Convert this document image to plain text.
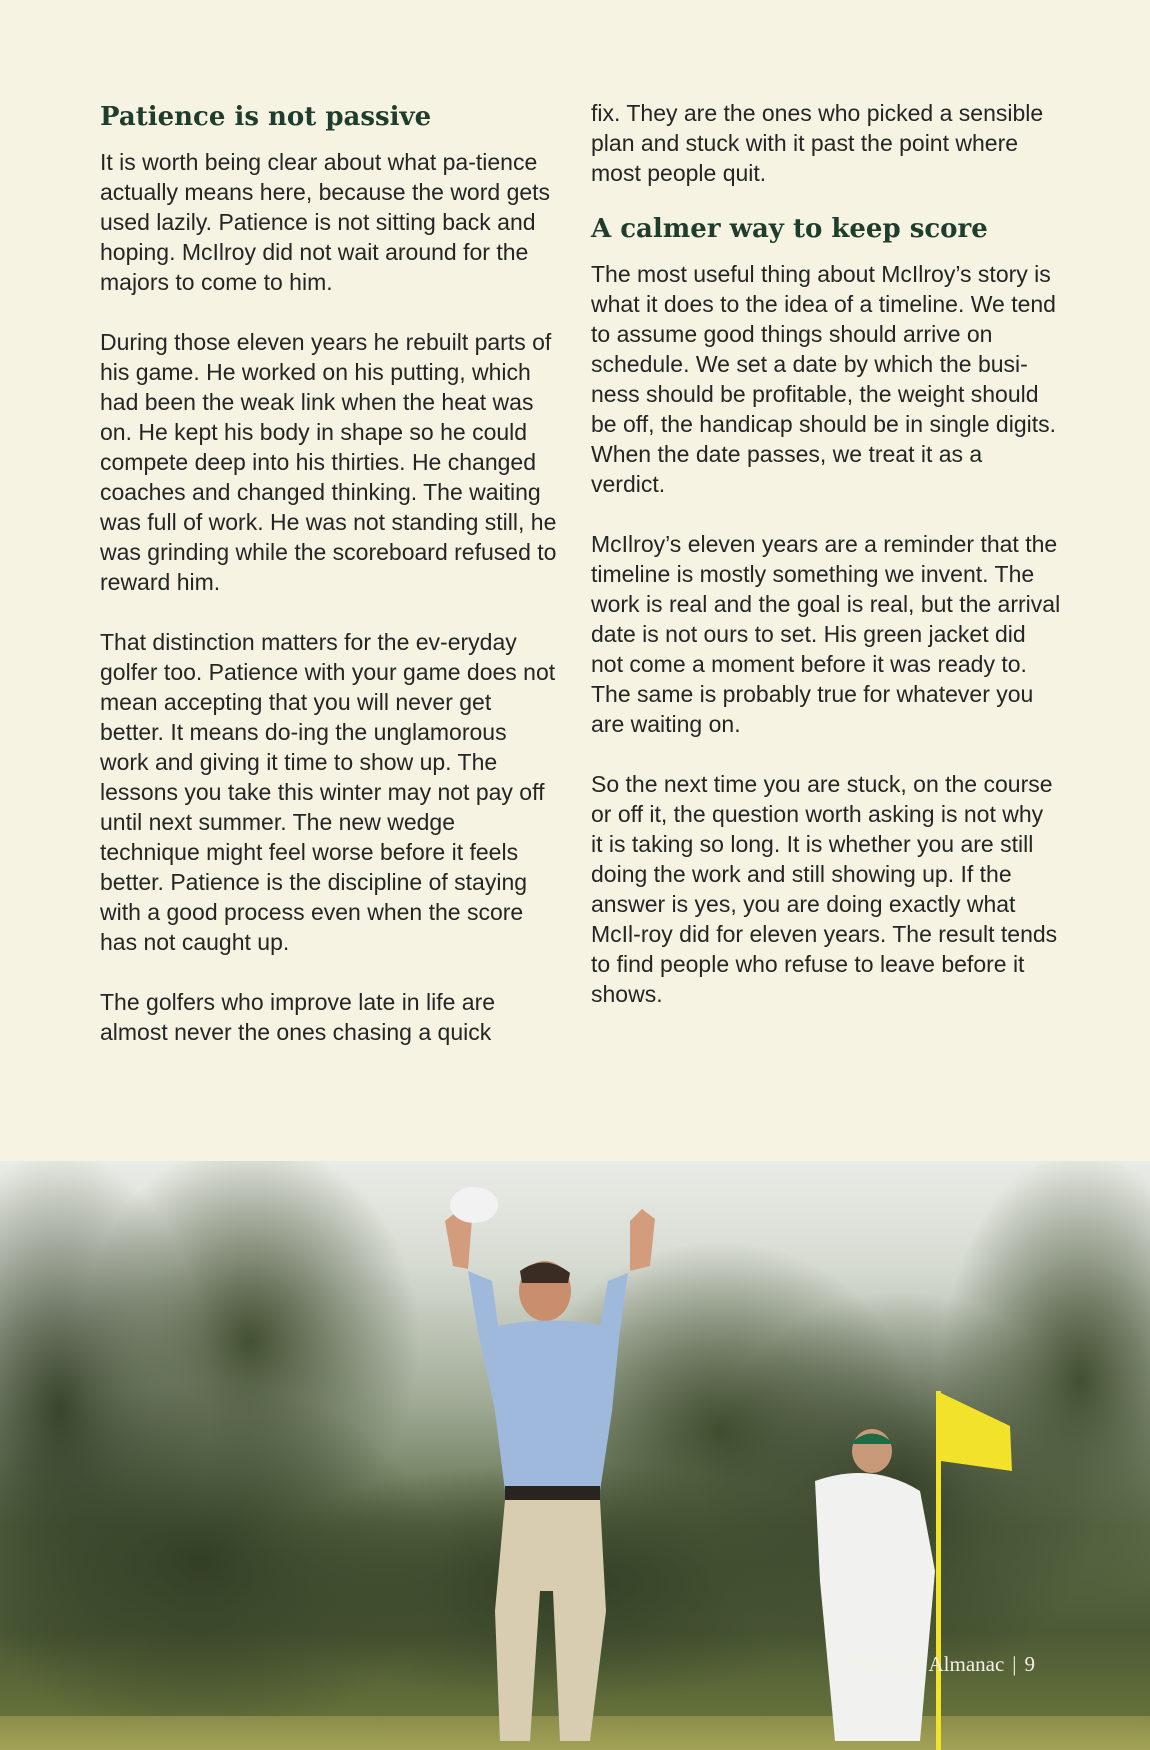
Patience is not passive

It is worth being clear about what pa-tience actually means here, because the word gets used lazily. Patience is not sitting back and hoping. McIlroy did not wait around for the majors to come to him.

During those eleven years he rebuilt parts of his game. He worked on his putting, which had been the weak link when the heat was on. He kept his body in shape so he could compete deep into his thirties. He changed coaches and changed thinking. The waiting was full of work. He was not standing still, he was grinding while the scoreboard refused to reward him.

That distinction matters for the ev-eryday golfer too. Patience with your game does not mean accepting that you will never get better. It means do-ing the unglamorous work and giving it time to show up. The lessons you take this winter may not pay off until next summer. The new wedge technique might feel worse before it feels better. Patience is the discipline of staying with a good process even when the score has not caught up.

The golfers who improve late in life are almost never the ones chasing a quick

fix. They are the ones who picked a sensible plan and stuck with it past the point where most people quit.

A calmer way to keep score

The most useful thing about McIlroy’s story is what it does to the idea of a timeline. We tend to assume good things should arrive on schedule. We set a date by which the busi-ness should be profitable, the weight should be off, the handicap should be in single digits. When the date passes, we treat it as a verdict.

McIlroy’s eleven years are a reminder that the timeline is mostly something we invent. The work is real and the goal is real, but the arrival date is not ours to set. His green jacket did not come a moment before it was ready to. The same is probably true for whatever you are waiting on.

So the next time you are stuck, on the course or off it, the question worth asking is not why it is taking so long. It is whether you are still doing the work and still showing up. If the answer is yes, you are doing exactly what McIl-roy did for eleven years. The result tends to find people who refuse to leave before it shows.

The Golf Almanac | 9
